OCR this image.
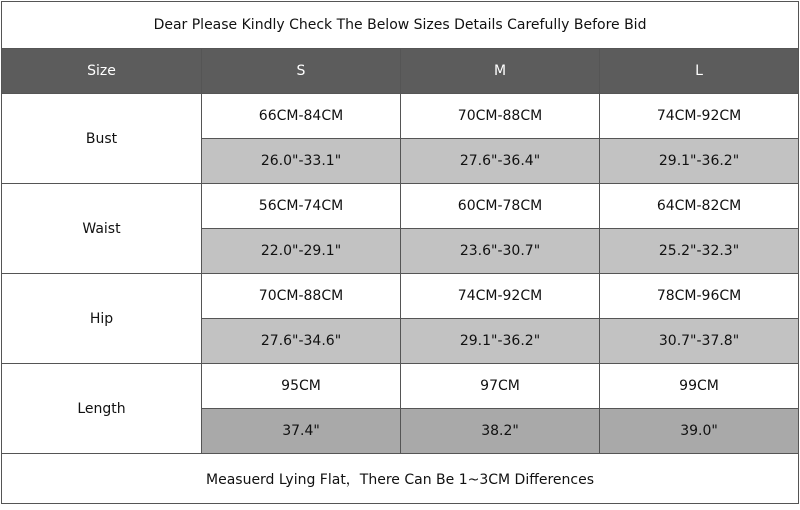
Dear Please Kindly Check The Below Sizes Details Carefully Before Bid			
Size	S	M	L
Bust	66CM-84CM	70CM-88CM	74CM-92CM
	26.0"-33.1"	27.6"-36.4"	29.1"-36.2"
Waist	56CM-74CM	60CM-78CM	64CM-82CM
	22.0"-29.1"	23.6"-30.7"	25.2"-32.3"
Hip	70CM-88CM	74CM-92CM	78CM-96CM
	27.6"-34.6"	29.1"-36.2"	30.7"-37.8"
Length	95CM	97CM	99CM
	37.4"	38.2"	39.0"
Measuerd Lying Flat，There Can Be 1~3CM Differences			
